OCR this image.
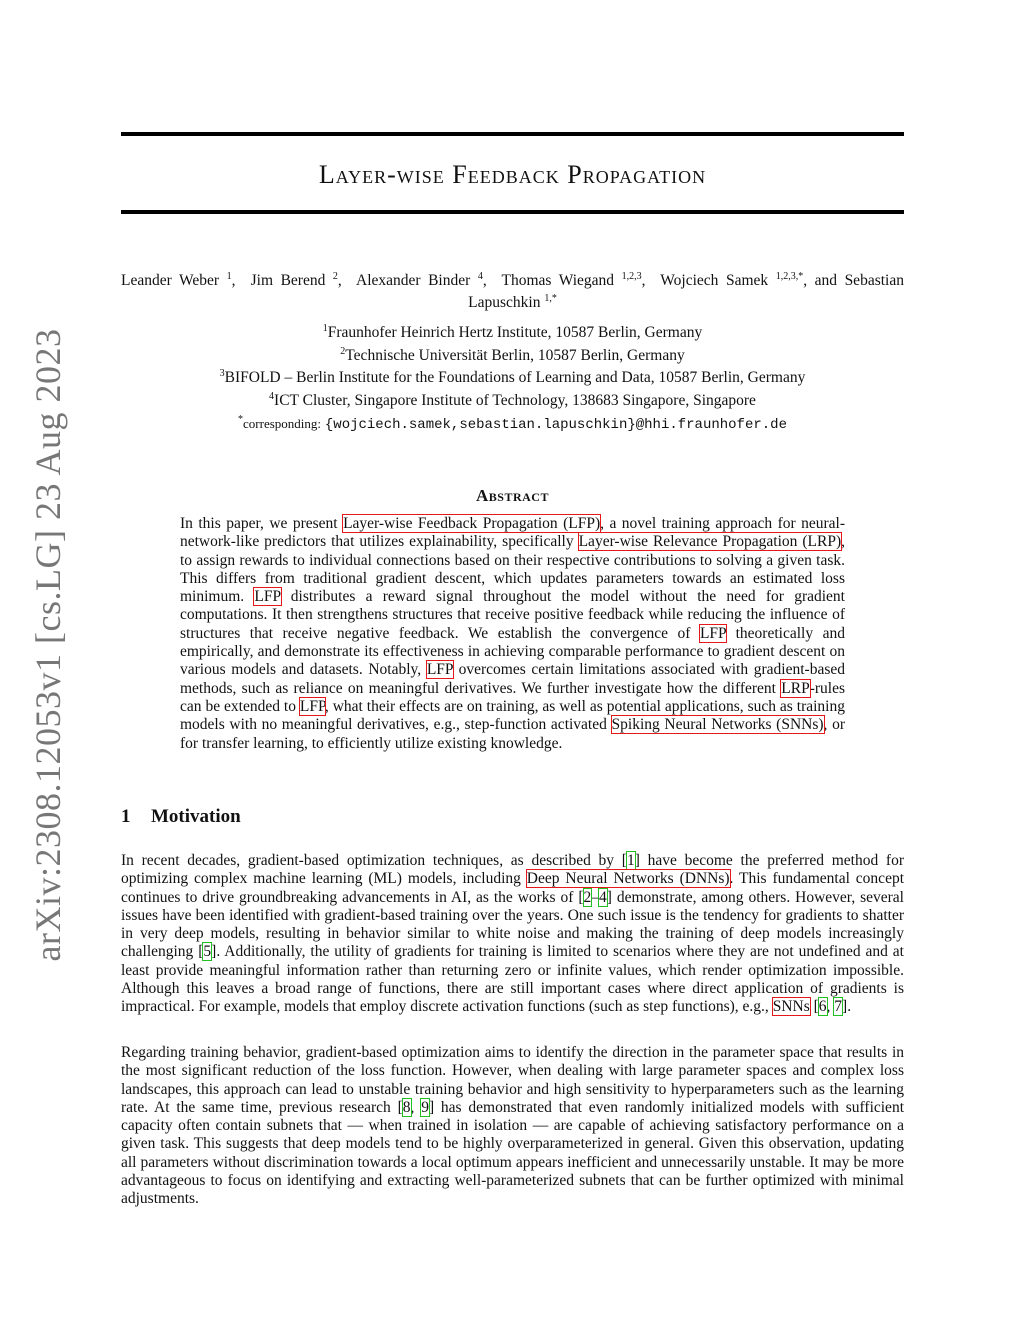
arXiv:2308.12053v1 [cs.LG] 23 Aug 2023
Layer-wise Feedback Propagation
Leander Weber $^1$,  Jim Berend $^2$,  Alexander Binder $^4$,  Thomas Wiegand $^{1,2,3}$,  Wojciech Samek $^{1,2,3,*}$, and Sebastian Lapuschkin $^{1,*}$
$^1$Fraunhofer Heinrich Hertz Institute, 10587 Berlin, Germany
$^2$Technische Universität Berlin, 10587 Berlin, Germany
$^3$BIFOLD – Berlin Institute for the Foundations of Learning and Data, 10587 Berlin, Germany
$^4$ICT Cluster, Singapore Institute of Technology, 138683 Singapore, Singapore
*corresponding: {wojciech.samek,sebastian.lapuschkin}@hhi.fraunhofer.de
Abstract

In this paper, we present Layer-wise Feedback Propagation (LFP), a novel training approach for neural-network-like predictors that utilizes explainability, specifically Layer-wise Relevance Propagation (LRP), to assign rewards to individual connections based on their respective contributions to solving a given task. This differs from traditional gradient descent, which updates parameters towards an estimated loss minimum. LFP distributes a reward signal throughout the model without the need for gradient computations. It then strengthens structures that receive positive feedback while reducing the influence of structures that receive negative feedback. We establish the convergence of LFP theoretically and empirically, and demonstrate its effectiveness in achieving comparable performance to gradient descent on various models and datasets. Notably, LFP overcomes certain limitations associated with gradient-based methods, such as reliance on meaningful derivatives. We further investigate how the different LRP-rules can be extended to LFP, what their effects are on training, as well as potential applications, such as training models with no meaningful derivatives, e.g., step-function activated Spiking Neural Networks (SNNs), or for transfer learning, to efficiently utilize existing knowledge.

1 Motivation

In recent decades, gradient-based optimization techniques, as described by [1] have become the preferred method for optimizing complex machine learning (ML) models, including Deep Neural Networks (DNNs). This fundamental concept continues to drive groundbreaking advancements in AI, as the works of [2–4] demonstrate, among others. However, several issues have been identified with gradient-based training over the years. One such issue is the tendency for gradients to shatter in very deep models, resulting in behavior similar to white noise and making the training of deep models increasingly challenging [5]. Additionally, the utility of gradients for training is limited to scenarios where they are not undefined and at least provide meaningful information rather than returning zero or infinite values, which render optimization impossible. Although this leaves a broad range of functions, there are still important cases where direct application of gradients is impractical. For example, models that employ discrete activation functions (such as step functions), e.g., SNNs [6, 7].

Regarding training behavior, gradient-based optimization aims to identify the direction in the parameter space that results in the most significant reduction of the loss function. However, when dealing with large parameter spaces and complex loss landscapes, this approach can lead to unstable training behavior and high sensitivity to hyperparameters such as the learning rate. At the same time, previous research [8, 9] has demonstrated that even randomly initialized models with sufficient capacity often contain subnets that — when trained in isolation — are capable of achieving satisfactory performance on a given task. This suggests that deep models tend to be highly overparameterized in general. Given this observation, updating all parameters without discrimination towards a local optimum appears inefficient and unnecessarily unstable. It may be more advantageous to focus on identifying and extracting well-parameterized subnets that can be further optimized with minimal adjustments.
